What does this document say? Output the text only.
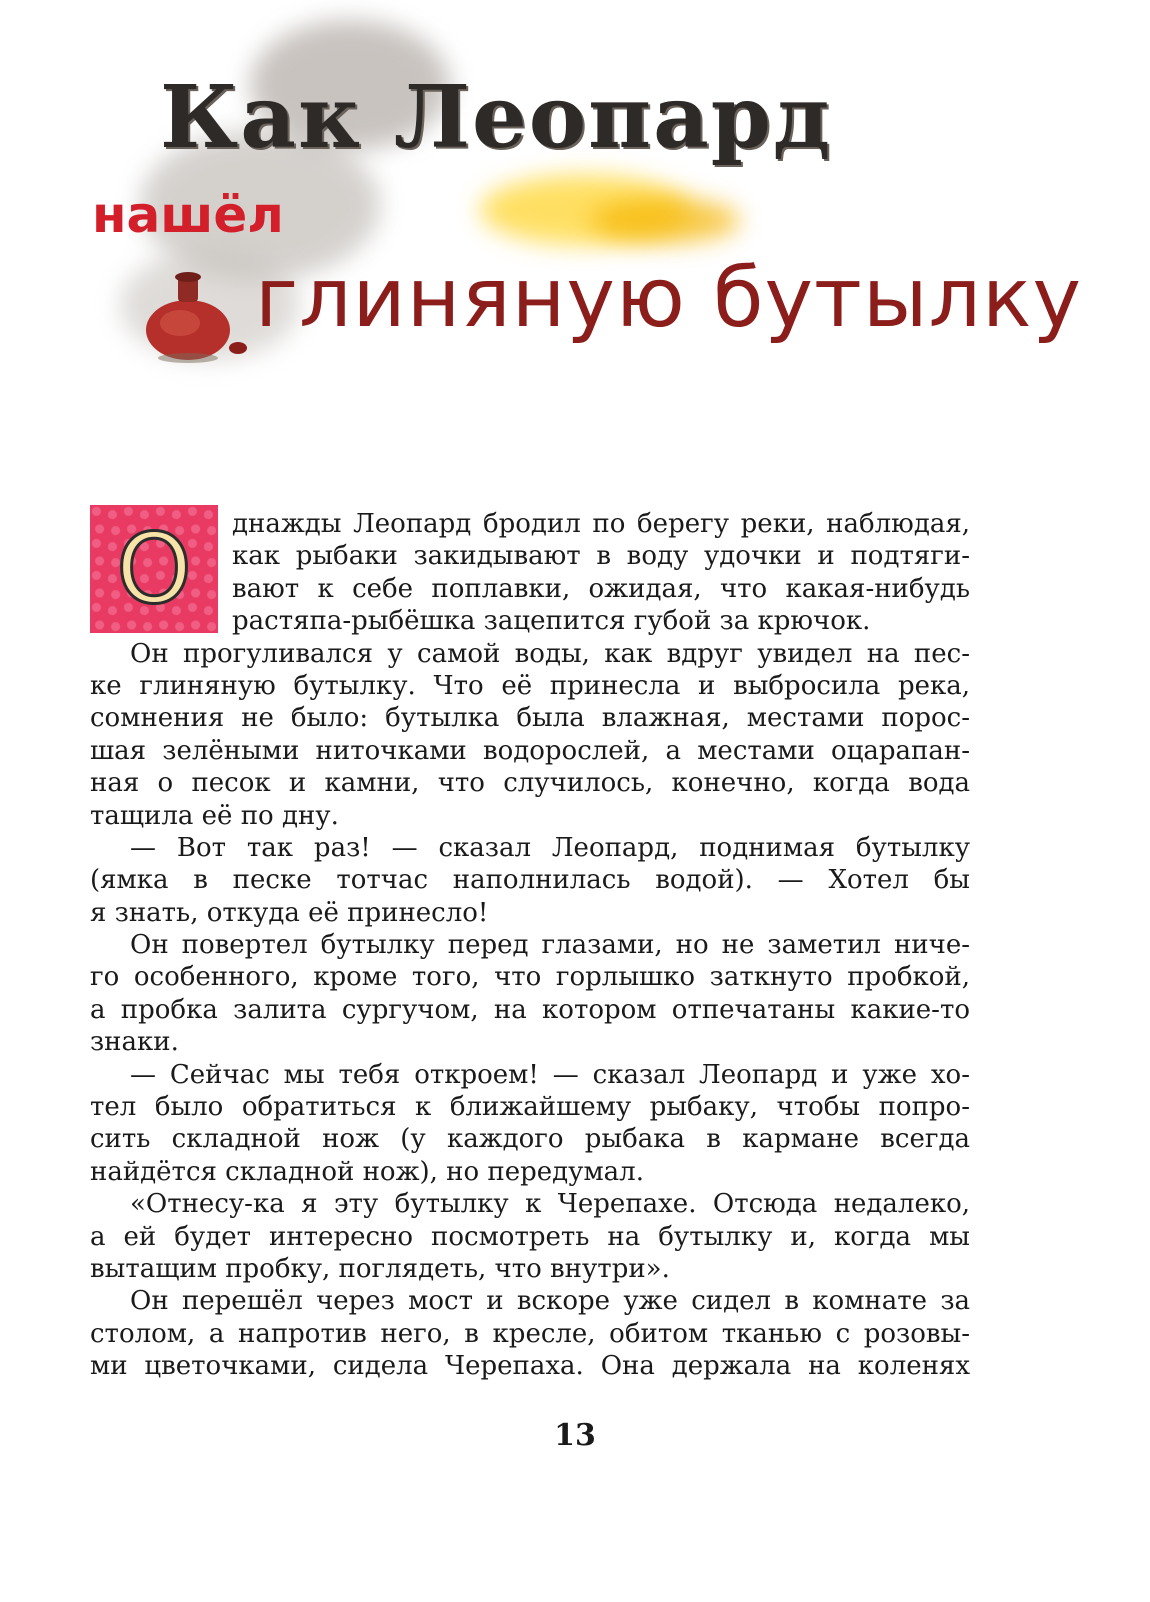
Как Леопард
нашёл
глиняную бутылку
О	днажды Леопард бродил по берегу реки, наблюдая,
как рыбаки закидывают в воду удочки и подтяги-
вают к себе поплавки, ожидая, что какая-нибудь
растяпа-рыбёшка зацепится губой за крючок.
Он прогуливался у самой воды, как вдруг увидел на пес-
ке глиняную бутылку. Что её принесла и выбросила река,
сомнения не было: бутылка была влажная, местами порос-
шая зелёными ниточками водорослей, а местами оцарапан-
ная о песок и камни, что случилось, конечно, когда вода
тащила её по дну.
— Вот так раз! — сказал Леопард, поднимая бутылку
(ямка в песке тотчас наполнилась водой). — Хотел бы
я знать, откуда её принесло!
Он повертел бутылку перед глазами, но не заметил ниче-
го особенного, кроме того, что горлышко заткнуто пробкой,
а пробка залита сургучом, на котором отпечатаны какие-то
знаки.
— Сейчас мы тебя откроем! — сказал Леопард и уже хо-
тел было обратиться к ближайшему рыбаку, чтобы попро-
сить складной нож (у каждого рыбака в кармане всегда
найдётся складной нож), но передумал.
«Отнесу-ка я эту бутылку к Черепахе. Отсюда недалеко,
а ей будет интересно посмотреть на бутылку и, когда мы
вытащим пробку, поглядеть, что внутри».
Он перешёл через мост и вскоре уже сидел в комнате за
столом, а напротив него, в кресле, обитом тканью с розовы-
ми цветочками, сидела Черепаха. Она держала на коленях
13
